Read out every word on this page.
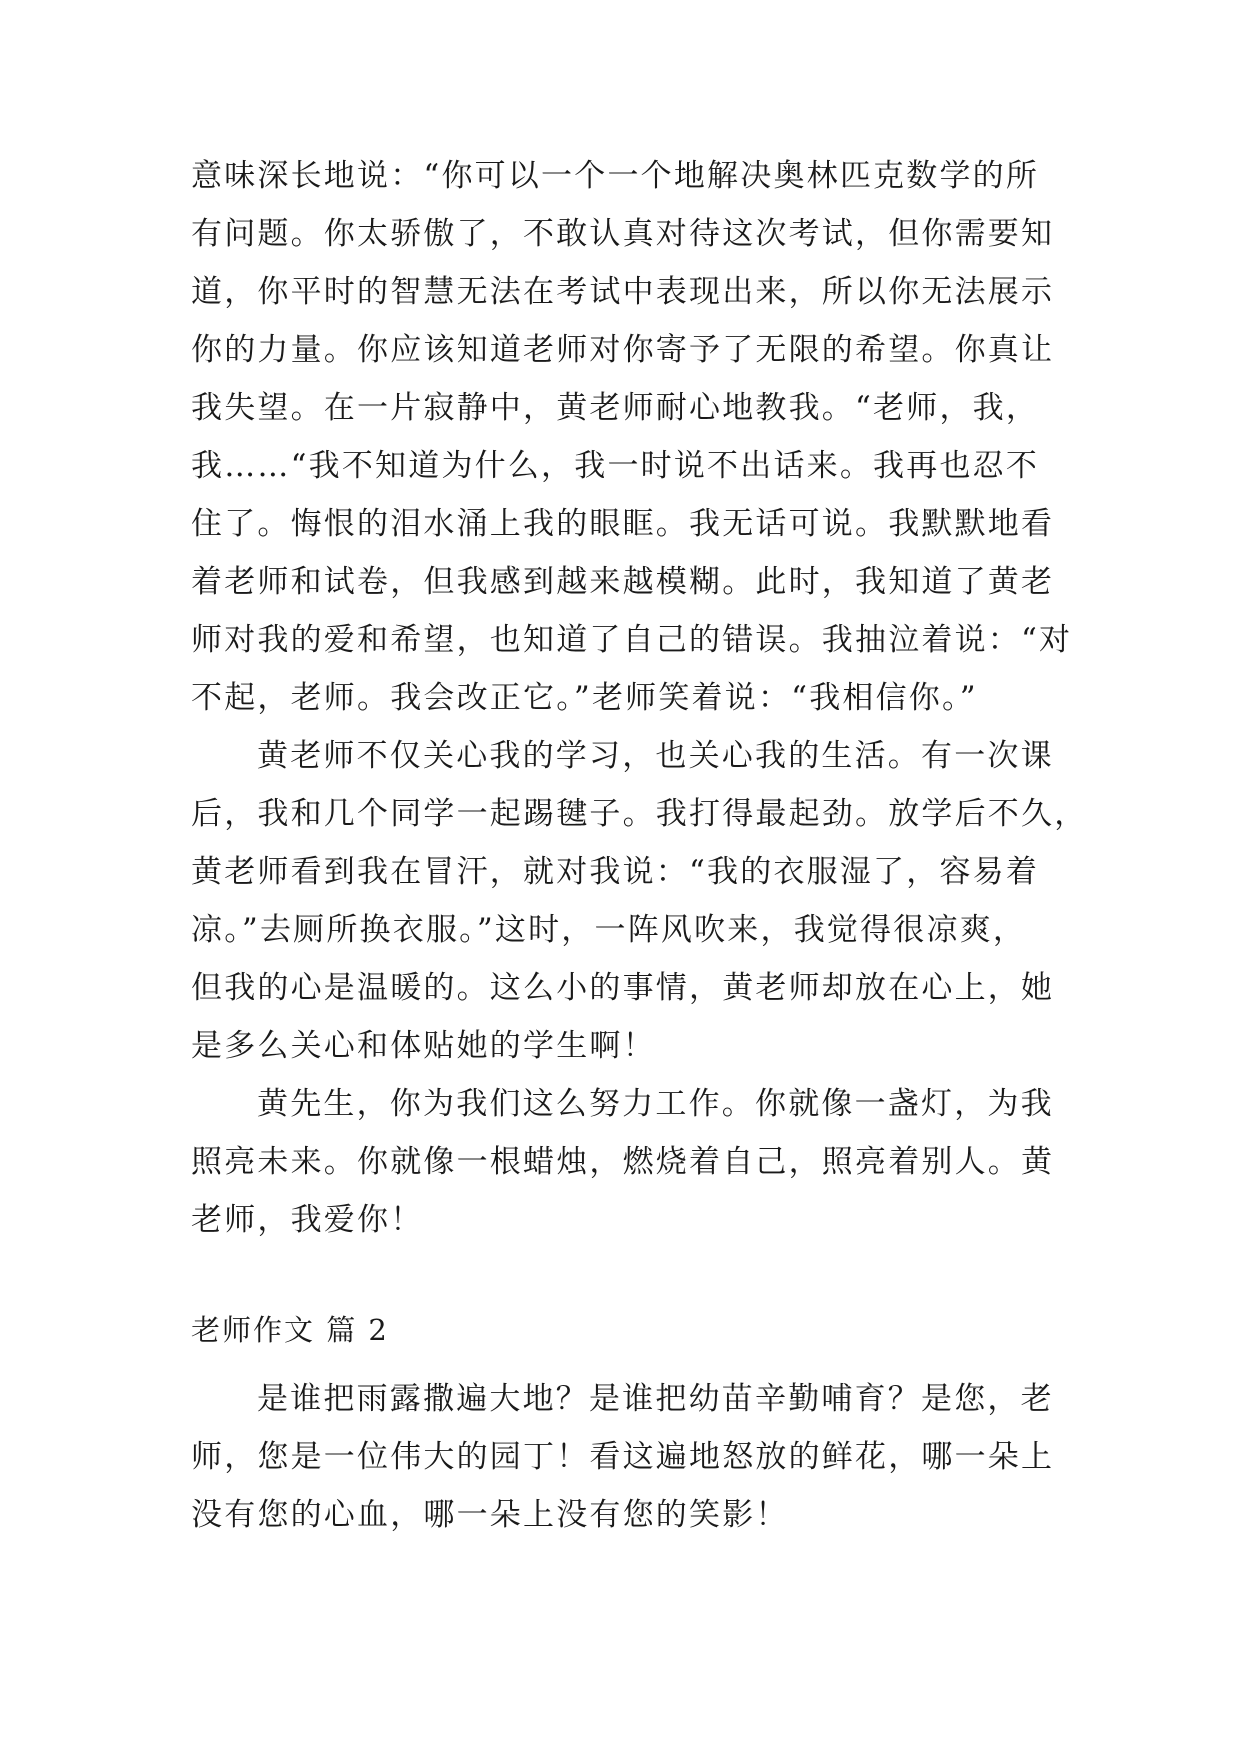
意味深长地说：“你可以一个一个地解决奥林匹克数学的所
有问题。你太骄傲了，不敢认真对待这次考试，但你需要知
道，你平时的智慧无法在考试中表现出来，所以你无法展示
你的力量。你应该知道老师对你寄予了无限的希望。你真让
我失望。在一片寂静中，黄老师耐心地教我。“老师，我，
我……“我不知道为什么，我一时说不出话来。我再也忍不
住了。悔恨的泪水涌上我的眼眶。我无话可说。我默默地看
着老师和试卷，但我感到越来越模糊。此时，我知道了黄老
师对我的爱和希望，也知道了自己的错误。我抽泣着说：“对
不起，老师。我会改正它。”老师笑着说：“我相信你。”
黄老师不仅关心我的学习，也关心我的生活。有一次课
后，我和几个同学一起踢毽子。我打得最起劲。放学后不久，
黄老师看到我在冒汗，就对我说：“我的衣服湿了，容易着
凉。”去厕所换衣服。”这时，一阵风吹来，我觉得很凉爽，
但我的心是温暖的。这么小的事情，黄老师却放在心上，她
是多么关心和体贴她的学生啊！
黄先生，你为我们这么努力工作。你就像一盏灯，为我
照亮未来。你就像一根蜡烛，燃烧着自己，照亮着别人。黄
老师，我爱你！
老师作文 篇 2
是谁把雨露撒遍大地？是谁把幼苗辛勤哺育？是您，老
师，您是一位伟大的园丁！看这遍地怒放的鲜花，哪一朵上
没有您的心血，哪一朵上没有您的笑影！
